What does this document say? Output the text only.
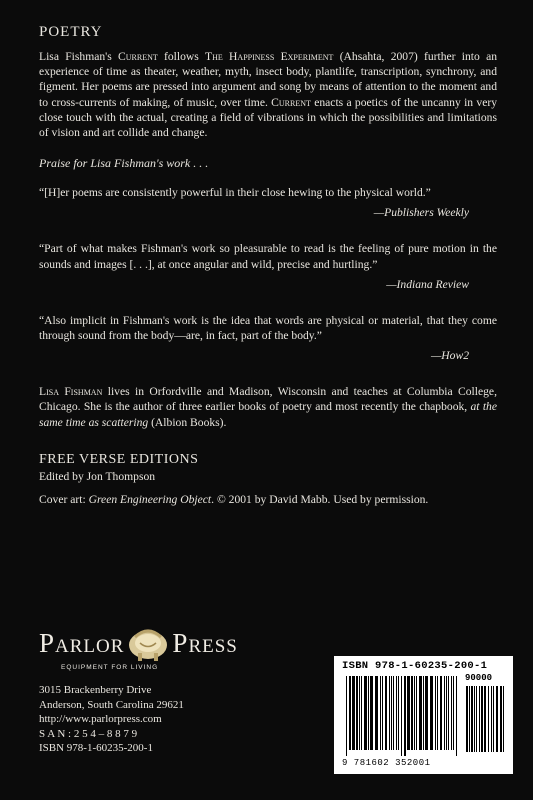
POETRY

Lisa Fishman's Current follows The Happiness Experiment (Ahsahta, 2007) further into an experience of time as theater, weather, myth, insect body, plantlife, transcription, synchrony, and figment. Her poems are pressed into argument and song by means of attention to the moment and to cross-currents of making, of music, over time. Current enacts a poetics of the uncanny in very close touch with the actual, creating a field of vibrations in which the possibilities and limitations of vision and art collide and change.

Praise for Lisa Fishman's work . . .

“[H]er poems are consistently powerful in their close hewing to the physical world.”

—Publishers Weekly

“Part of what makes Fishman's work so pleasurable to read is the feeling of pure motion in the sounds and images [. . .], at once angular and wild, precise and hurtling.”

—Indiana Review

“Also implicit in Fishman's work is the idea that words are physical or material, that they come through sound from the body—are, in fact, part of the body.”

—How2

Lisa Fishman lives in Orfordville and Madison, Wisconsin and teaches at Columbia College, Chicago. She is the author of three earlier books of poetry and most recently the chapbook, at the same time as scattering (Albion Books).

FREE VERSE EDITIONS
Edited by Jon Thompson

Cover art: Green Engineering Object. © 2001 by David Mabb. Used by permission.

Parlor Press
EQUIPMENT FOR LIVING

3015 Brackenberry Drive
Anderson, South Carolina 29621
http://www.parlorpress.com
S A N : 2 5 4 – 8 8 7 9
ISBN 978-1-60235-200-1

ISBN 978-1-60235-200-1
90000
9 781602 352001
